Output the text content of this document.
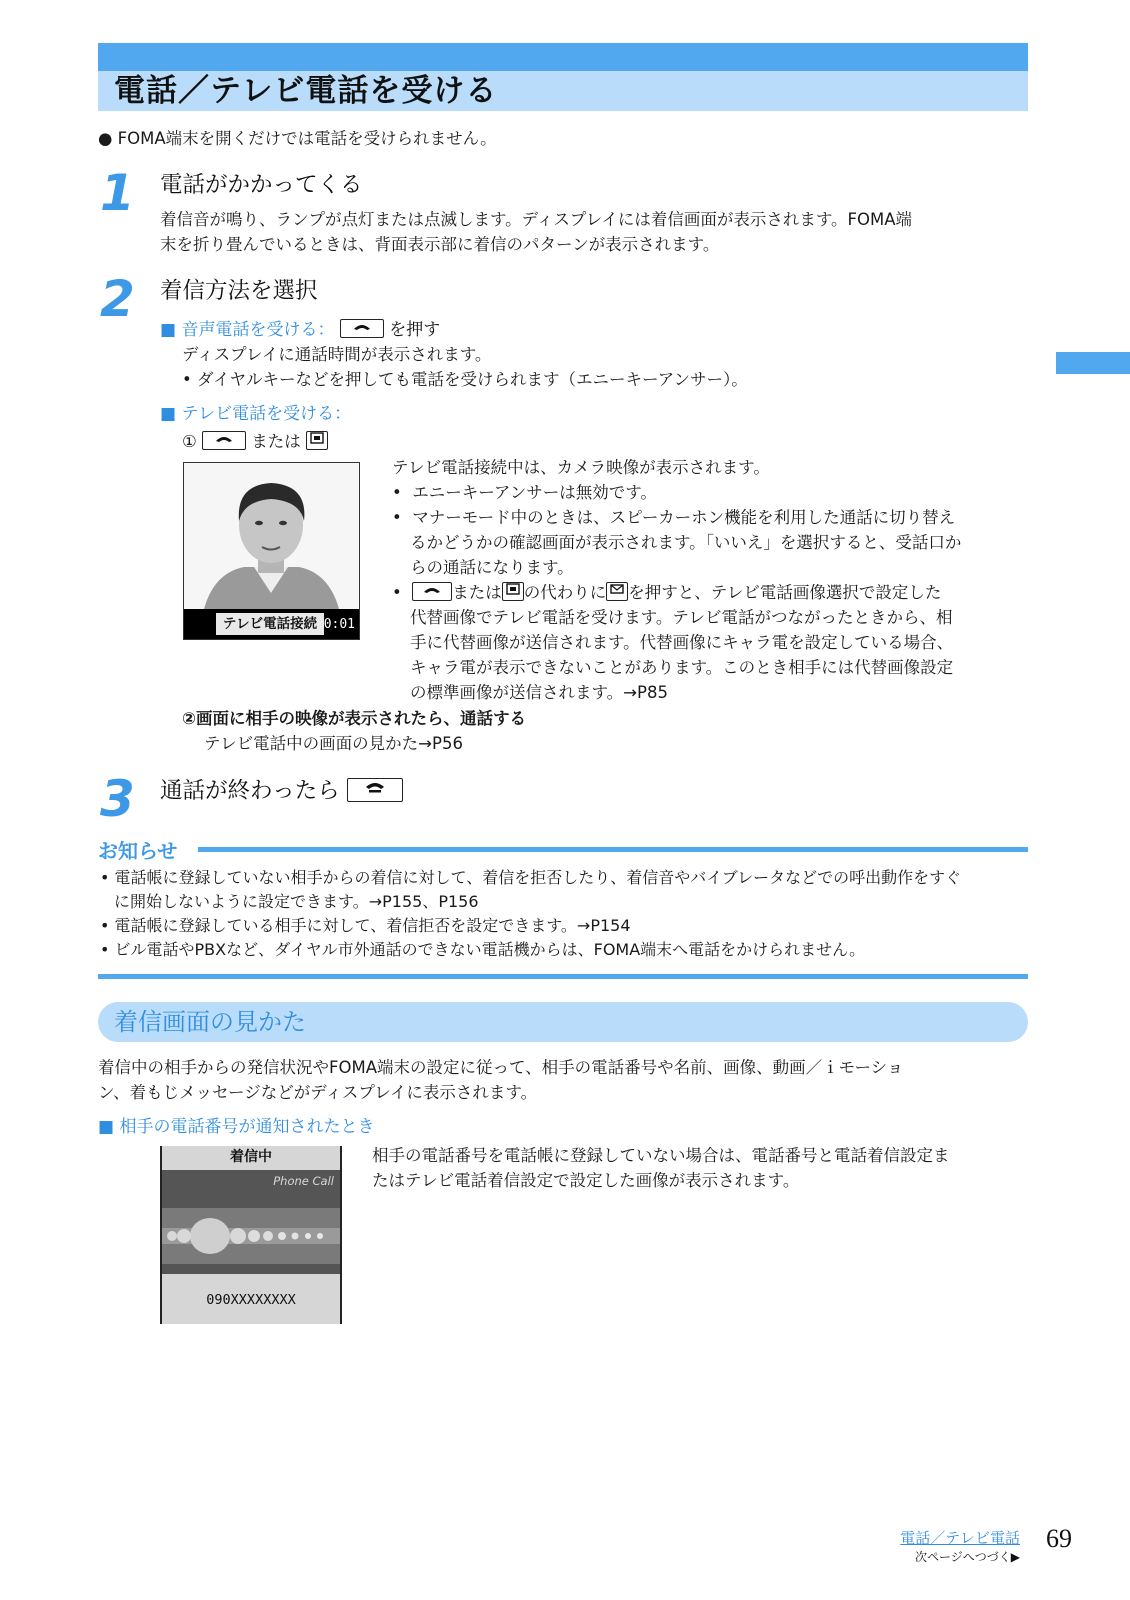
電話／テレビ電話を受ける
● FOMA端末を開くだけでは電話を受けられません。
1 電話がかかってくる
着信音が鳴り、ランプが点灯または点滅します。ディスプレイには着信画面が表示されます。FOMA端
末を折り畳んでいるときは、背面表示部に着信のパターンが表示されます。
2 着信方法を選択
■ 音声電話を受ける：	を押す
ディスプレイに通話時間が表示されます。
• ダイヤルキーなどを押しても電話を受けられます（エニーキーアンサー）。
■ テレビ電話を受ける：
①	または
テレビ電話接続 0:01
テレビ電話接続中は、カメラ映像が表示されます。
•  エニーキーアンサーは無効です。
•  マナーモード中のときは、スピーカーホン機能を利用した通話に切り替え
るかどうかの確認画面が表示されます。「いいえ」を選択すると、受話口か
らの通話になります。
•  または の代わりに を押すと、テレビ電話画像選択で設定した
代替画像でテレビ電話を受けます。テレビ電話がつながったときから、相
手に代替画像が送信されます。代替画像にキャラ電を設定している場合、
キャラ電が表示できないことがあります。このとき相手には代替画像設定
の標準画像が送信されます。→P85
②画面に相手の映像が表示されたら、通話する
テレビ電話中の画面の見かた→P56
3 通話が終わったら
お知らせ
• 電話帳に登録していない相手からの着信に対して、着信を拒否したり、着信音やバイブレータなどでの呼出動作をすぐ
に開始しないように設定できます。→P155、P156
• 電話帳に登録している相手に対して、着信拒否を設定できます。→P154
• ビル電話やPBXなど、ダイヤル市外通話のできない電話機からは、FOMA端末へ電話をかけられません。
着信画面の見かた
着信中の相手からの発信状況やFOMA端末の設定に従って、相手の電話番号や名前、画像、動画／ｉモーショ
ン、着もじメッセージなどがディスプレイに表示されます。
■ 相手の電話番号が通知されたとき
着信中
Phone Call
090XXXXXXXX
相手の電話番号を電話帳に登録していない場合は、電話番号と電話着信設定ま
たはテレビ電話着信設定で設定した画像が表示されます。
電話／テレビ電話
次ページへつづく▶
69
